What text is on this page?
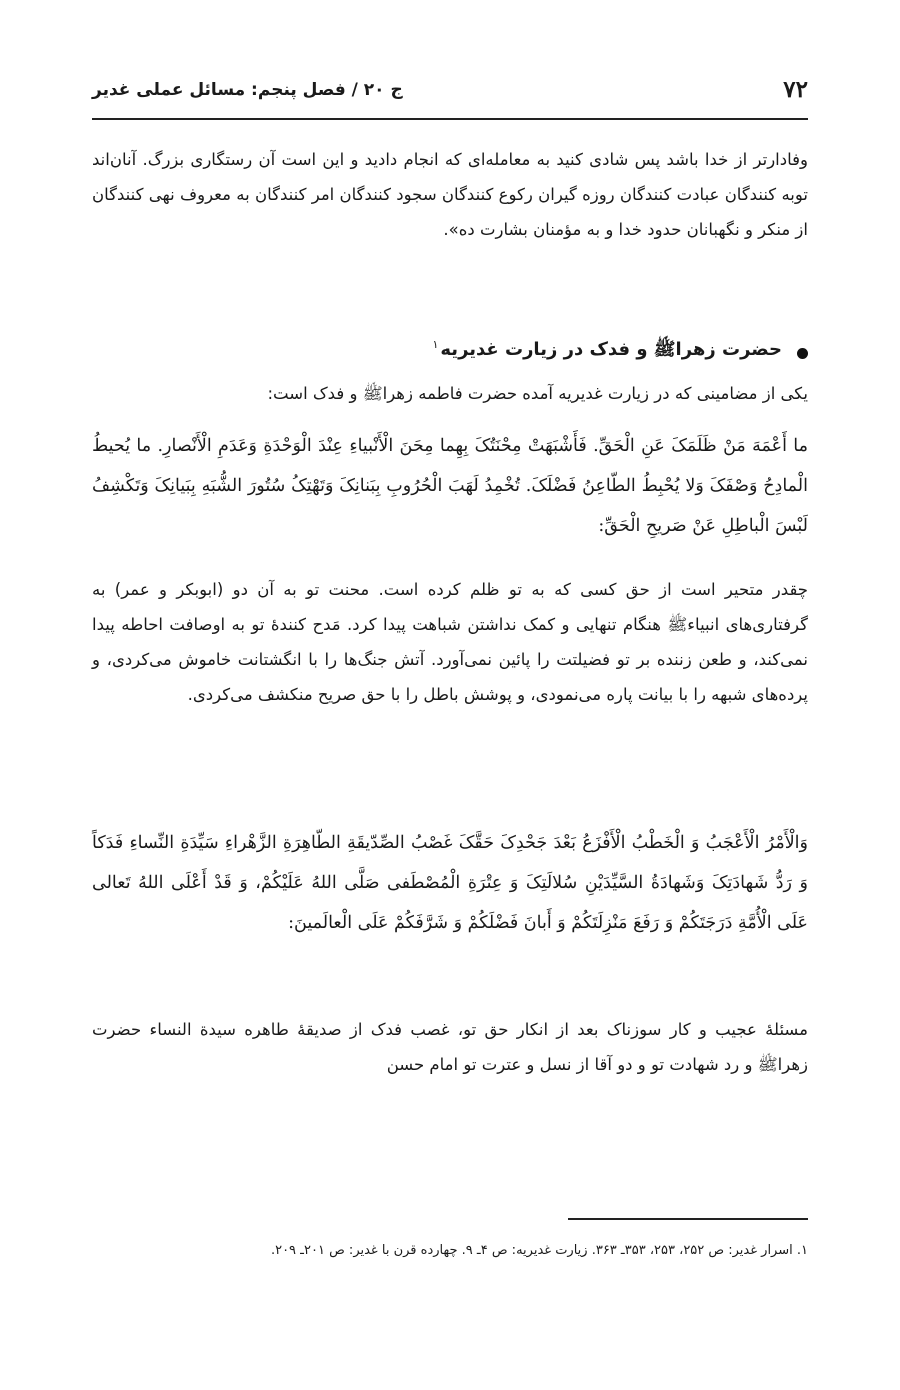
۷۲
ج ۲۰ / فصل پنجم: مسائل عملی غدیر

وفادارتر از خدا باشد پس شادی کنید به معامله‌ای که انجام دادید و این است آن رستگاری بزرگ. آنان‌اند توبه کنندگان عبادت کنندگان روزه گیران رکوع کنندگان سجود کنندگان امر کنندگان به معروف نهی کنندگان از منکر و نگهبانان حدود خدا و به مؤمنان بشارت ده».

حضرت زهراﷺ و فدک در زیارت غدیریه$^۱$

یکی از مضامینی که در زیارت غدیریه آمده حضرت فاطمه زهراﷺ و فدک است:

ما أَعْمَهَ مَنْ ظَلَمَکَ عَنِ الْحَقِّ. فَأَشْبَهَتْ مِحْنَتُکَ بِهِما مِحَنَ الْأَنْبیاءِ عِنْدَ الْوَحْدَةِ وَعَدَمِ الْأَنْصارِ. ما یُحیطُ الْمادِحُ وَصْفَکَ وَلا یُحْبِطُ الطّاعِنُ فَضْلَکَ. تُخْمِدُ لَهَبَ الْحُرُوبِ بِبَنانِکَ وَتَهْتِکُ سُتُورَ الشُّبَهِ بِبَیانِکَ وَتَکْشِفُ لَبْسَ الْباطِلِ عَنْ صَریحِ الْحَقِّ:

چقدر متحیر است از حق کسی که به تو ظلم کرده است. محنت تو به آن دو (ابوبکر و عمر) به گرفتاری‌های انبیاءﷺ هنگام تنهایی و کمک نداشتن شباهت پیدا کرد. مَدح کنندهٔ تو به اوصافت احاطه پیدا نمی‌کند، و طعن زننده بر تو فضیلتت را پائین نمی‌آورد. آتش جنگ‌ها را با انگشتانت خاموش می‌کردی، و پرده‌های شبهه را با بیانت پاره می‌نمودی، و پوشش باطل را با حق صریح منکشف می‌کردی.

وَالْأَمْرُ الْأَعْجَبُ وَ الْخَطْبُ الْأَفْزَعُ بَعْدَ جَحْدِکَ حَقَّکَ غَصْبُ الصِّدّیقَةِ الطّاهِرَةِ الزَّهْراءِ سَیِّدَةِ النِّساءِ فَدَکاً وَ رَدُّ شَهادَتِکَ وَشَهادَةُ السَّیِّدَیْنِ سُلالَتِکَ وَ عِتْرَةِ الْمُصْطَفی صَلَّی اللهُ عَلَیْکُمْ، وَ قَدْ أَعْلَی اللهُ تَعالی عَلَی الْأُمَّةِ دَرَجَتَکُمْ وَ رَفَعَ مَنْزِلَتَکُمْ وَ أَبانَ فَضْلَکُمْ وَ شَرَّفَکُمْ عَلَی الْعالَمینَ:

مسئلهٔ عجیب و کار سوزناک بعد از انکار حق تو، غصب فدک از صدیقهٔ طاهره سیدة النساء حضرت زهراﷺ و رد شهادت تو و دو آقا از نسل و عترت تو امام حسن

۱. اسرار غدیر: ص ۲۵۲، ۲۵۳، ۳۵۳ـ ۳۶۳. زیارت غدیریه: ص ۴ـ ۹. چهارده قرن با غدیر: ص ۲۰۱ـ ۲۰۹.
